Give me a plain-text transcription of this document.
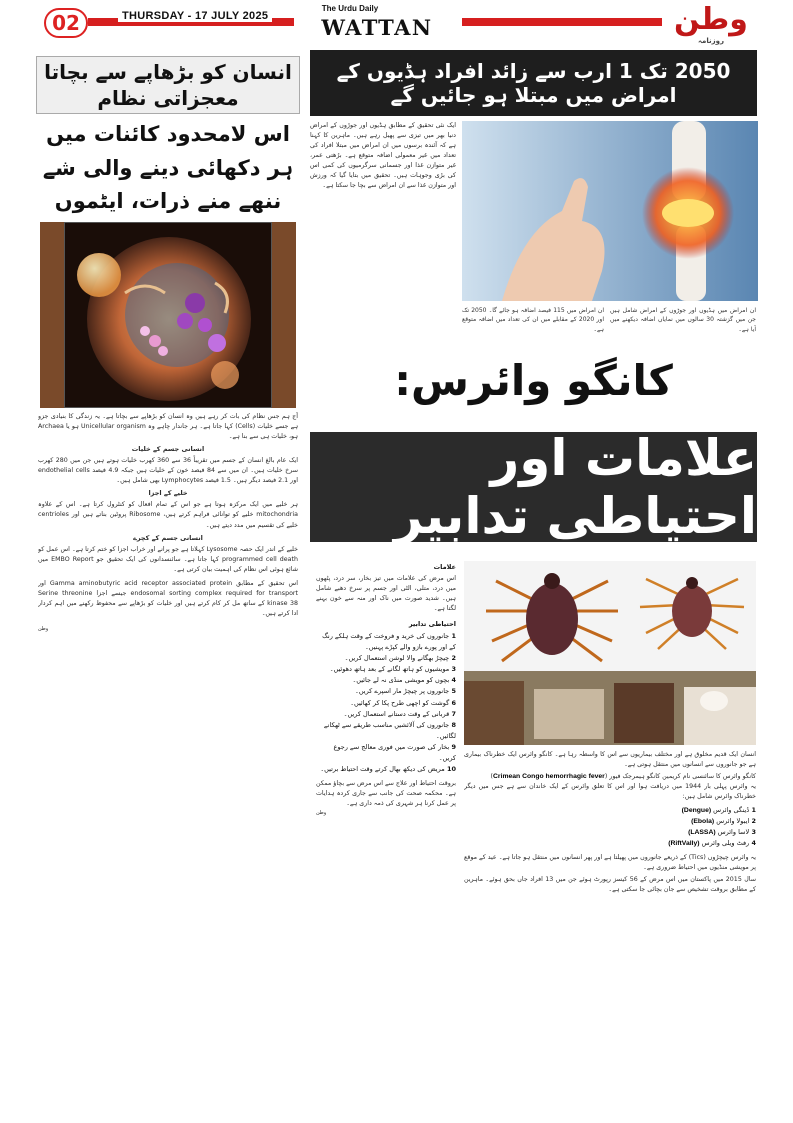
02	THURSDAY - 17 JULY 2025
The Urdu Daily
WATTAN	وطن $^{روزنامہ}$
انسان کو بڑھاپے سے بچاتا معجزاتی نظام
اس لامحدود کائنات میں ہر دکھائی دینے والی شے ننھے منے ذرات، ایٹموں

آج ہم جس نظام کی بات کر رہے ہیں وہ انسان کو بڑھاپے سے بچاتا ہے۔ یہ زندگی کا بنیادی جزو ہے جسے خلیات (Cells) کہا جاتا ہے۔ ہر جاندار چاہے وہ Unicellular organism ہو یا Archaea ہو، خلیات ہی سے بنا ہے۔

انسانی جسم کے خلیات

ایک عام بالغ انسان کے جسم میں تقریباً 36 سے 360 کھرب خلیات ہوتے ہیں جن میں 280 کھرب سرخ خلیات ہیں۔ ان میں سے 84 فیصد خون کے خلیات ہیں جبکہ 4.9 فیصد endothelial cells اور 2.1 فیصد دیگر ہیں۔ 1.5 فیصد Lymphocytes بھی شامل ہیں۔

خلیے کے اجزا

ہر خلیے میں ایک مرکزہ ہوتا ہے جو اس کے تمام افعال کو کنٹرول کرتا ہے۔ اس کے علاوہ mitochondria خلیے کو توانائی فراہم کرتے ہیں، Ribosome پروٹین بناتے ہیں اور centrioles خلیے کی تقسیم میں مدد دیتے ہیں۔

انسانی جسم کے کچرے

خلیے کے اندر ایک حصہ Lysosome کہلاتا ہے جو پرانے اور خراب اجزا کو ختم کرتا ہے۔ اس عمل کو programmed cell death کہا جاتا ہے۔ سائنسدانوں کی ایک تحقیق جو EMBO Report میں شائع ہوئی اس نظام کی اہمیت بیان کرتی ہے۔

اس تحقیق کے مطابق Gamma aminobutyric acid receptor associated protein اور endosomal sorting complex required for transport جیسے اجزا Serine threonine kinase 38 کے ساتھ مل کر کام کرتے ہیں اور خلیات کو بڑھاپے سے محفوظ رکھنے میں اہم کردار ادا کرتے ہیں۔

وطن

2050 تک 1 ارب سے زائد افراد ہڈیوں کے امراض میں مبتلا ہو جائیں گے
ایک نئی تحقیق کے مطابق ہڈیوں اور جوڑوں کے امراض دنیا بھر میں تیزی سے پھیل رہے ہیں۔ ماہرین کا کہنا ہے کہ آئندہ برسوں میں ان امراض میں مبتلا افراد کی تعداد میں غیر معمولی اضافہ متوقع ہے۔ بڑھتی عمر، غیر متوازن غذا اور جسمانی سرگرمیوں کی کمی اس کی بڑی وجوہات ہیں۔ تحقیق میں بتایا گیا کہ ورزش اور متوازن غذا سے ان امراض سے بچا جا سکتا ہے۔
ان امراض میں ہڈیوں اور جوڑوں کے امراض شامل ہیں جن میں گزشتہ 30 سالوں میں نمایاں اضافہ دیکھنے میں آیا ہے۔
ان امراض میں 115 فیصد اضافہ ہو جائے گا۔ 2050 تک اور 2020 کے مقابلے میں ان کی تعداد میں اضافہ متوقع ہے۔
کانگو وائرس:
علامات اور احتیاطی تدابیر
علامات

اس مرض کی علامات میں تیز بخار، سر درد، پٹھوں میں درد، متلی، الٹی اور جسم پر سرخ دھبے شامل ہیں۔ شدید صورت میں ناک اور منہ سے خون بہنے لگتا ہے۔

احتیاطی تدابیر
1 جانوروں کی خرید و فروخت کے وقت ہلکے رنگ کے اور پورے بازو والے کپڑے پہنیں۔
2 چیچڑ بھگانے والا لوشن استعمال کریں۔
3 مویشیوں کو ہاتھ لگانے کے بعد ہاتھ دھوئیں۔
4 بچوں کو مویشی منڈی نہ لے جائیں۔
5 جانوروں پر چیچڑ مار اسپرے کریں۔
6 گوشت کو اچھی طرح پکا کر کھائیں۔
7 قربانی کے وقت دستانے استعمال کریں۔
8 جانوروں کی آلائشیں مناسب طریقے سے ٹھکانے لگائیں۔
9 بخار کی صورت میں فوری معالج سے رجوع کریں۔
10 مریض کی دیکھ بھال کرتے وقت احتیاط برتیں۔

بروقت احتیاط اور علاج سے اس مرض سے بچاؤ ممکن ہے۔ محکمہ صحت کی جانب سے جاری کردہ ہدایات پر عمل کرنا ہر شہری کی ذمہ داری ہے۔

وطن

انسان ایک قدیم مخلوق ہے اور مختلف بیماریوں سے اس کا واسطہ رہا ہے۔ کانگو وائرس ایک خطرناک بیماری ہے جو جانوروں سے انسانوں میں منتقل ہوتی ہے۔

کانگو وائرس کا سائنسی نام کریمین کانگو ہیمرجک فیور (Crimean Congo hemorrhagic fever)

یہ وائرس پہلی بار 1944 میں دریافت ہوا اور اس کا تعلق وائرس کے ایک خاندان سے ہے جس میں دیگر خطرناک وائرس شامل ہیں:

1 ڈینگی وائرس (Dengue)
2 ایبولا وائرس (Ebola)
3 لاسا وائرس (LASSA)
4 رفٹ ویلی وائرس (RiftVally)

یہ وائرس چیچڑوں (Tics) کے ذریعے جانوروں میں پھیلتا ہے اور پھر انسانوں میں منتقل ہو جاتا ہے۔ عید کے موقع پر مویشی منڈیوں میں احتیاط ضروری ہے۔

سال 2015 میں پاکستان میں اس مرض کے 56 کیسز رپورٹ ہوئے جن میں 13 افراد جاں بحق ہوئے۔ ماہرین کے مطابق بروقت تشخیص سے جان بچائی جا سکتی ہے۔
